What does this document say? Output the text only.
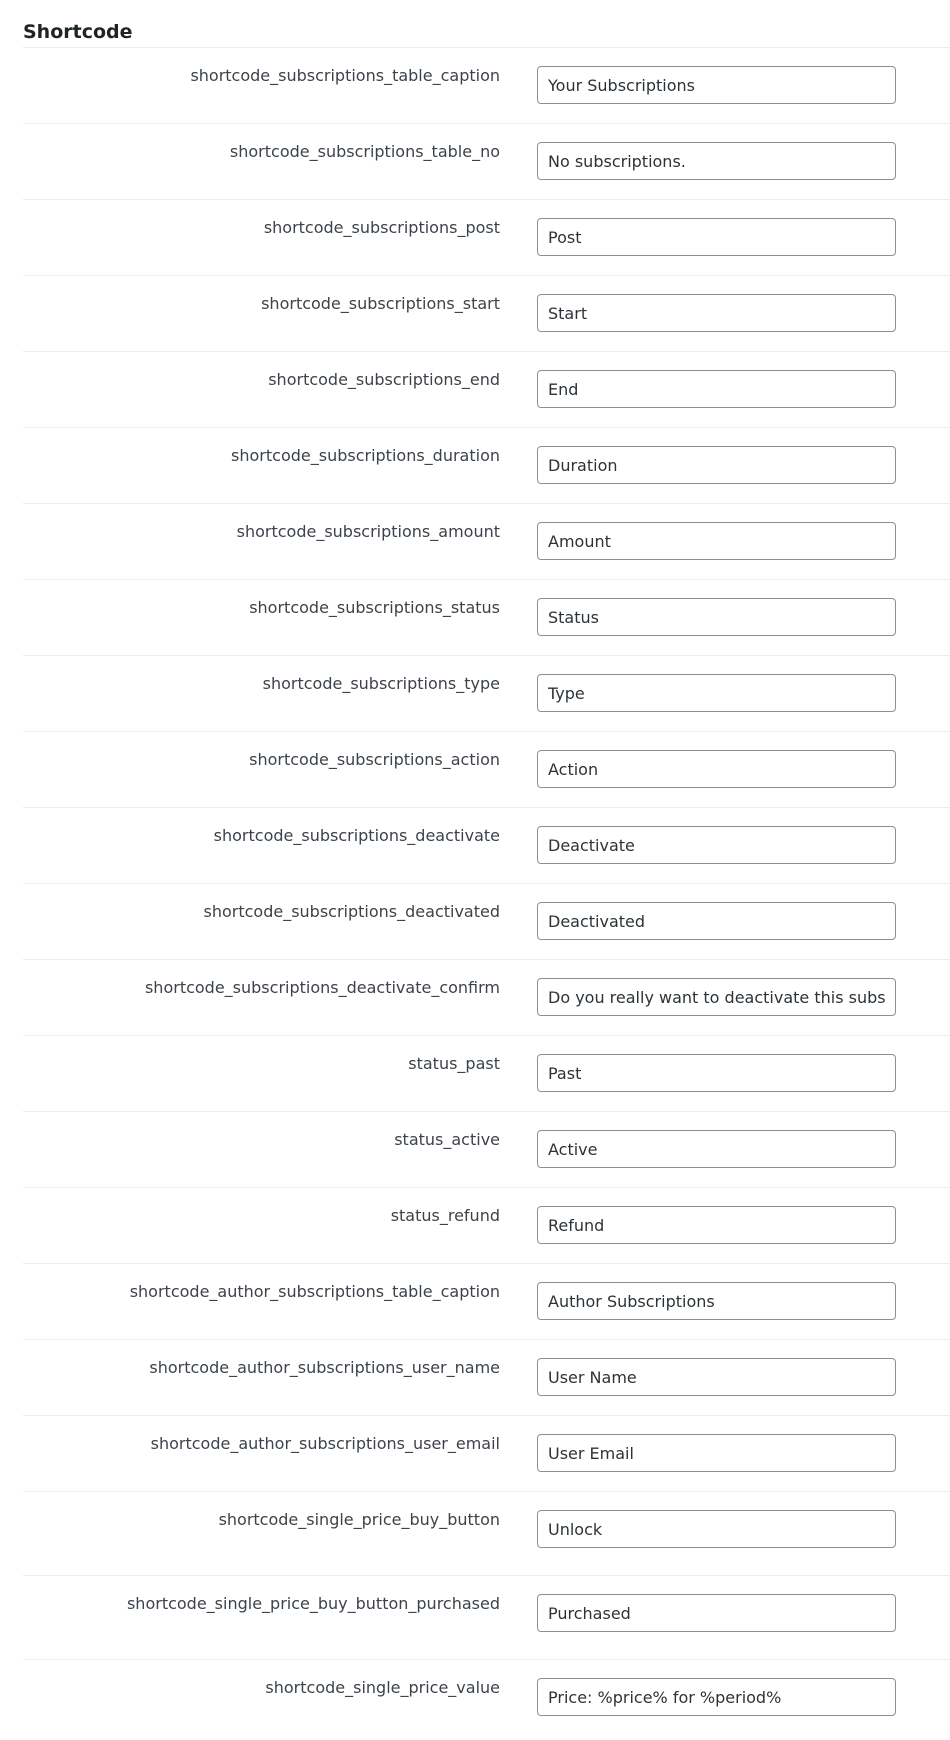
Shortcode
shortcode_subscriptions_table_caption
Your Subscriptions
shortcode_subscriptions_table_no
No subscriptions.
shortcode_subscriptions_post
Post
shortcode_subscriptions_start
Start
shortcode_subscriptions_end
End
shortcode_subscriptions_duration
Duration
shortcode_subscriptions_amount
Amount
shortcode_subscriptions_status
Status
shortcode_subscriptions_type
Type
shortcode_subscriptions_action
Action
shortcode_subscriptions_deactivate
Deactivate
shortcode_subscriptions_deactivated
Deactivated
shortcode_subscriptions_deactivate_confirm
Do you really want to deactivate this subscri
status_past
Past
status_active
Active
status_refund
Refund
shortcode_author_subscriptions_table_caption
Author Subscriptions
shortcode_author_subscriptions_user_name
User Name
shortcode_author_subscriptions_user_email
User Email
shortcode_single_price_buy_button
Unlock
shortcode_single_price_buy_button_purchased
Purchased
shortcode_single_price_value
Price: %price% for %period%
